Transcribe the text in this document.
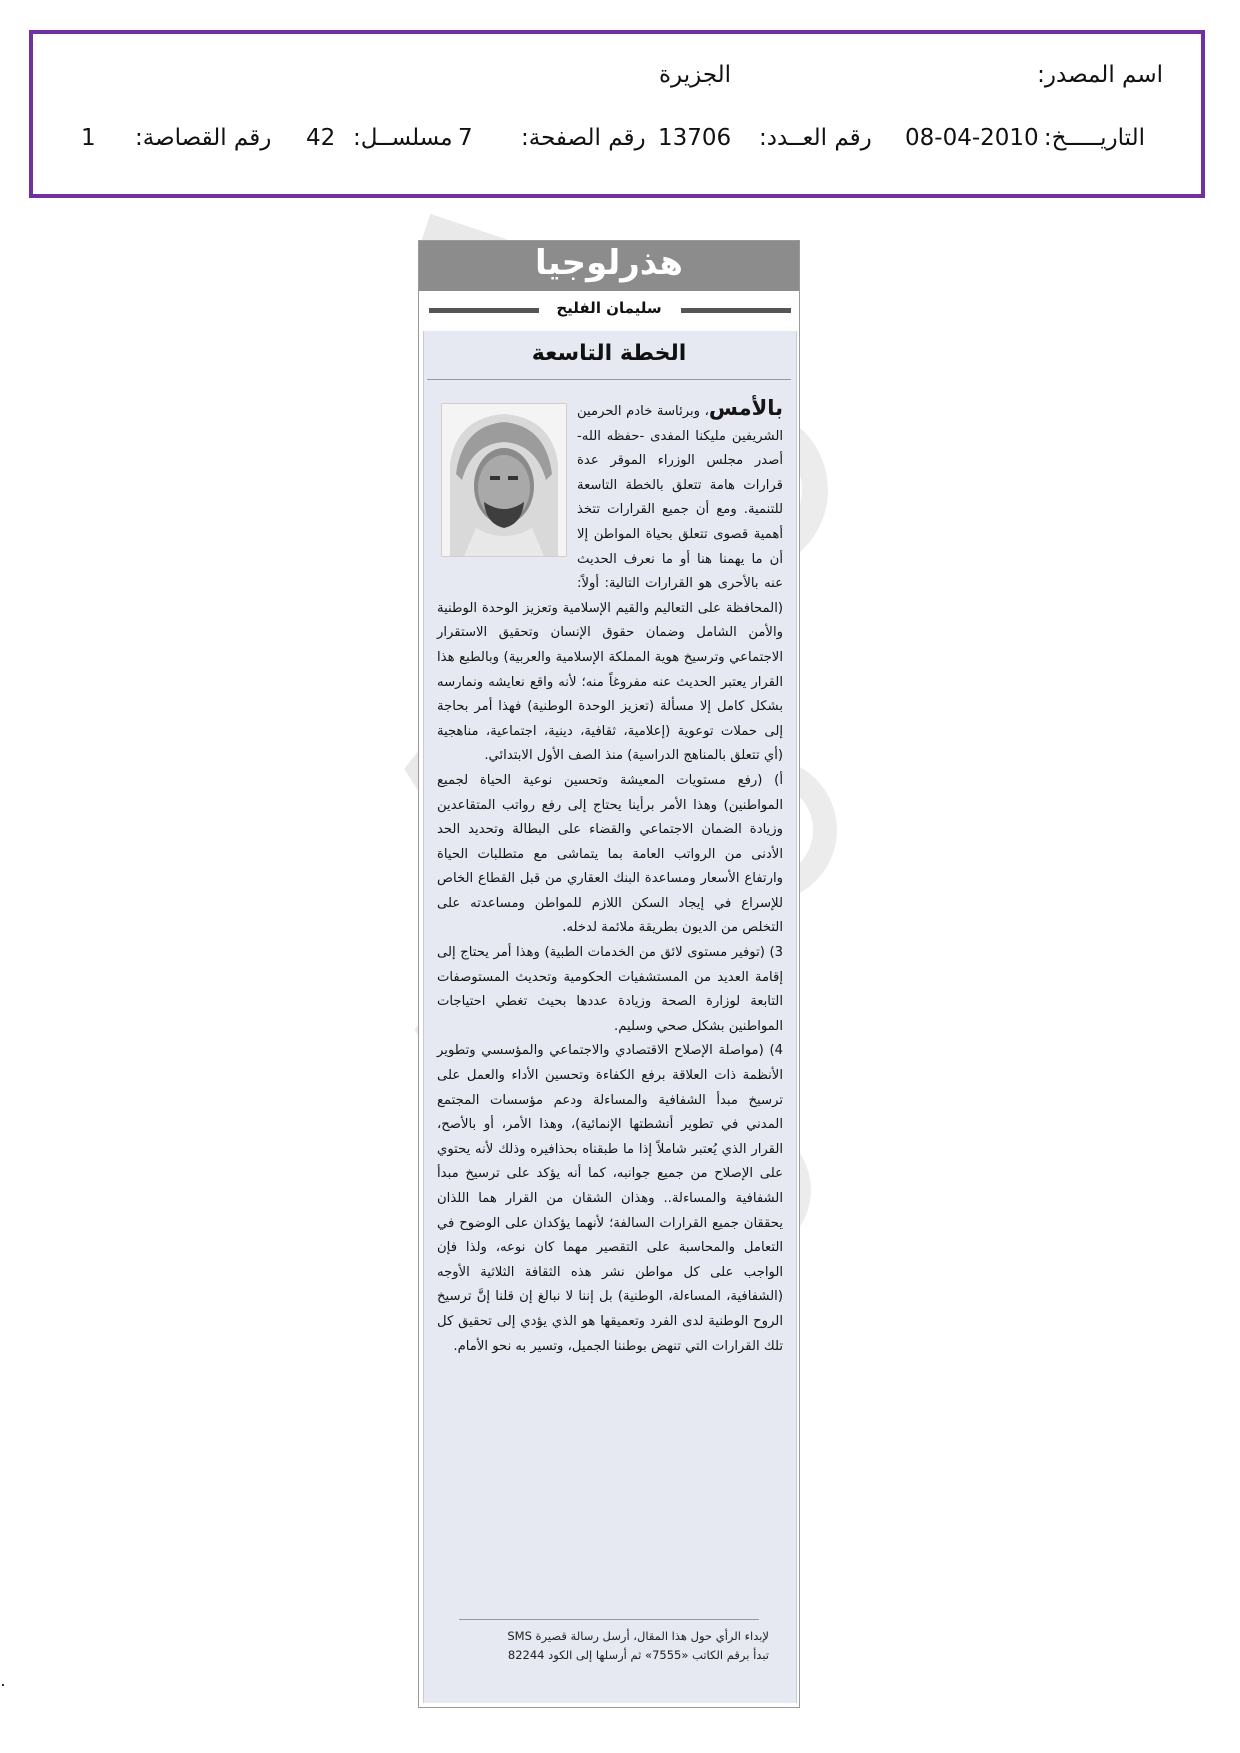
اسم المصدر:
الجزيرة
التاريـــــخ:
08-04-2010
رقم العــدد:
13706
رقم الصفحة:
7
مسلســل:
42
رقم القصاصة:
1
هذرلوجيا
سليمان الفليح
الخطة التاسعة

بالأمس، وبرئاسة خادم الحرمين الشريفين مليكنا المفدى -حفظه الله- أصدر مجلس الوزراء الموقر عدة قرارات هامة تتعلق بالخطة التاسعة للتنمية. ومع أن جميع القرارات تتخذ أهمية قصوى تتعلق بحياة المواطن إلا أن ما يهمنا هنا أو ما نعرف الحديث عنه بالأحرى هو القرارات التالية: أولاً: (المحافظة على التعاليم والقيم الإسلامية وتعزيز الوحدة الوطنية والأمن الشامل وضمان حقوق الإنسان وتحقيق الاستقرار الاجتماعي وترسيخ هوية المملكة الإسلامية والعربية) وبالطبع هذا القرار يعتبر الحديث عنه مفروغاً منه؛ لأنه واقع نعايشه ونمارسه بشكل كامل إلا مسألة (تعزيز الوحدة الوطنية) فهذا أمر بحاجة إلى حملات توعوية (إعلامية، ثقافية، دينية، اجتماعية، مناهجية (أي تتعلق بالمناهج الدراسية) منذ الصف الأول الابتدائي.

أ) (رفع مستويات المعيشة وتحسين نوعية الحياة لجميع المواطنين) وهذا الأمر برأينا يحتاج إلى رفع رواتب المتقاعدين وزيادة الضمان الاجتماعي والقضاء على البطالة وتحديد الحد الأدنى من الرواتب العامة بما يتماشى مع متطلبات الحياة وارتفاع الأسعار ومساعدة البنك العقاري من قبل القطاع الخاص للإسراع في إيجاد السكن اللازم للمواطن ومساعدته على التخلص من الديون بطريقة ملائمة لدخله.

3) (توفير مستوى لائق من الخدمات الطبية) وهذا أمر يحتاج إلى إقامة العديد من المستشفيات الحكومية وتحديث المستوصفات التابعة لوزارة الصحة وزيادة عددها بحيث تغطي احتياجات المواطنين بشكل صحي وسليم.

4) (مواصلة الإصلاح الاقتصادي والاجتماعي والمؤسسي وتطوير الأنظمة ذات العلاقة برفع الكفاءة وتحسين الأداء والعمل على ترسيخ مبدأ الشفافية والمساءلة ودعم مؤسسات المجتمع المدني في تطوير أنشطتها الإنمائية)، وهذا الأمر، أو بالأصح، القرار الذي يُعتبر شاملاً إذا ما طبقناه بحذافيره وذلك لأنه يحتوي على الإصلاح من جميع جوانبه، كما أنه يؤكد على ترسيخ مبدأ الشفافية والمساءلة.. وهذان الشقان من القرار هما اللذان يحققان جميع القرارات السالفة؛ لأنهما يؤكدان على الوضوح في التعامل والمحاسبة على التقصير مهما كان نوعه، ولذا فإن الواجب على كل مواطن نشر هذه الثقافة الثلاثية الأوجه (الشفافية، المساءلة، الوطنية) بل إننا لا نبالغ إن قلنا إنَّ ترسيخ الروح الوطنية لدى الفرد وتعميقها هو الذي يؤدي إلى تحقيق كل تلك القرارات التي تنهض بوطننا الجميل، وتسير به نحو الأمام.

لإبداء الرأي حول هذا المقال، أرسل رسالة قصيرة SMS
تبدأ برقم الكاتب «7555» ثم أرسلها إلى الكود 82244
